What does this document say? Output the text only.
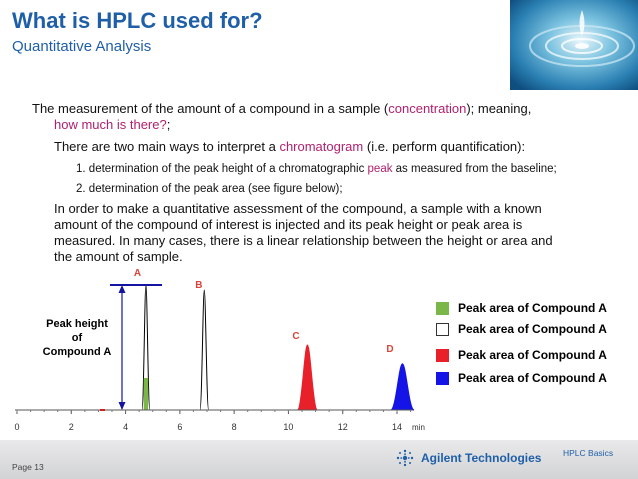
What is HPLC used for?
Quantitative Analysis
The measurement of the amount of a compound in a sample (concentration); meaning,
how much is there?;
There are two main ways to interpret a chromatogram (i.e. perform quantification):
1. determination of the peak height of a chromatographic peak as measured from the baseline;
2. determination of the peak area (see figure below);
In order to make a quantitative assessment of the compound, a sample with a known
amount of the compound of interest is injected and its peak height or peak area is
measured. In many cases, there is a linear relationship between the height or area and
the amount of sample.
A
B
C
D
0	2	4	6	8	10	12	14 min
Peak height
of
Compound A
Peak area of Compound A
Peak area of Compound A
Peak area of Compound A
Peak area of Compound A
HPLC Basics
Agilent Technologies
Page 13
